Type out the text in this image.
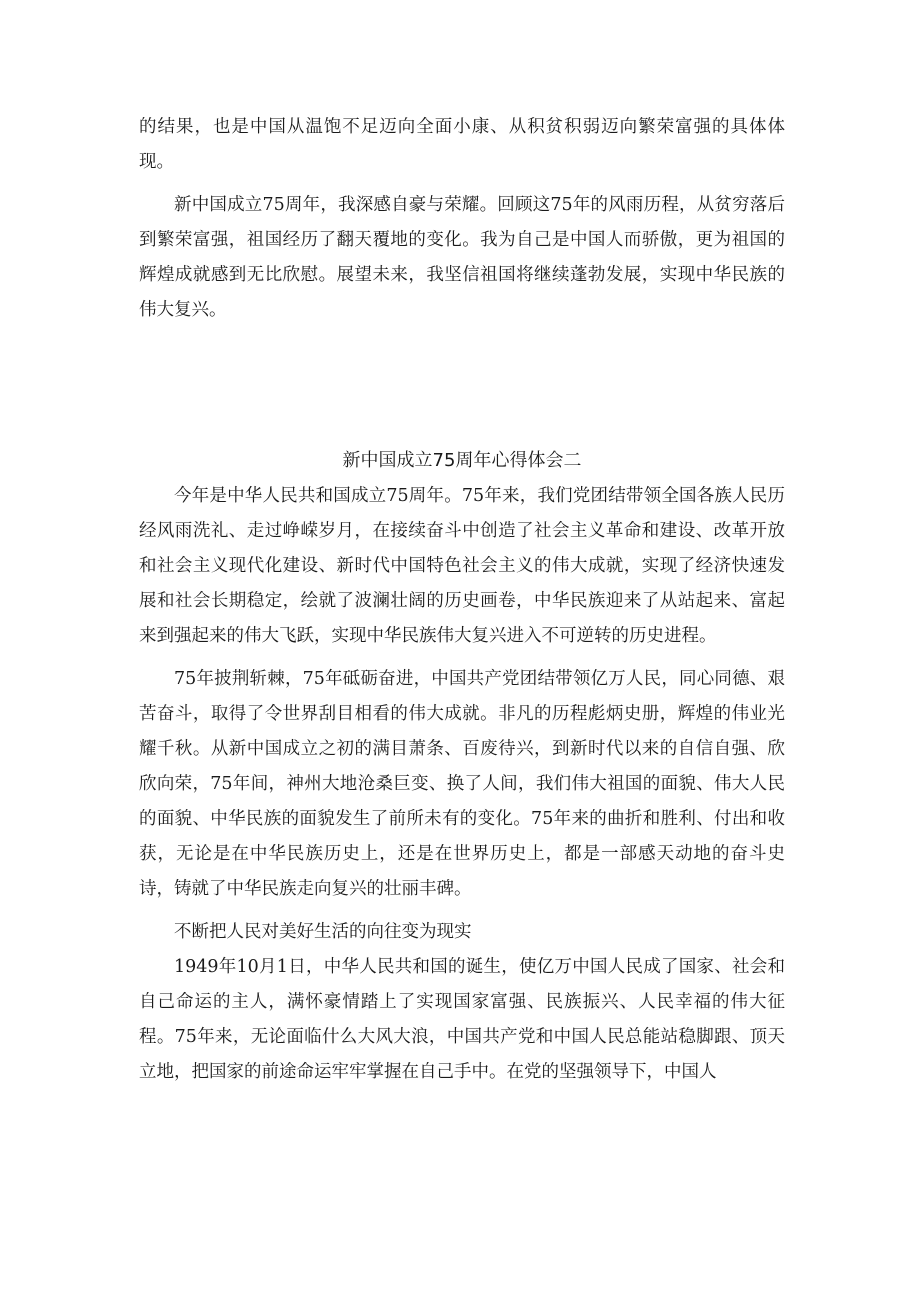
的结果，也是中国从温饱不足迈向全面小康、从积贫积弱迈向繁荣富强的具体体现。

新中国成立75周年，我深感自豪与荣耀。回顾这75年的风雨历程，从贫穷落后到繁荣富强，祖国经历了翻天覆地的变化。我为自己是中国人而骄傲，更为祖国的辉煌成就感到无比欣慰。展望未来，我坚信祖国将继续蓬勃发展，实现中华民族的伟大复兴。

新中国成立75周年心得体会二

今年是中华人民共和国成立75周年。75年来，我们党团结带领全国各族人民历经风雨洗礼、走过峥嵘岁月，在接续奋斗中创造了社会主义革命和建设、改革开放和社会主义现代化建设、新时代中国特色社会主义的伟大成就，实现了经济快速发展和社会长期稳定，绘就了波澜壮阔的历史画卷，中华民族迎来了从站起来、富起来到强起来的伟大飞跃，实现中华民族伟大复兴进入不可逆转的历史进程。

75年披荆斩棘，75年砥砺奋进，中国共产党团结带领亿万人民，同心同德、艰苦奋斗，取得了令世界刮目相看的伟大成就。非凡的历程彪炳史册，辉煌的伟业光耀千秋。从新中国成立之初的满目萧条、百废待兴，到新时代以来的自信自强、欣欣向荣，75年间，神州大地沧桑巨变、换了人间，我们伟大祖国的面貌、伟大人民的面貌、中华民族的面貌发生了前所未有的变化。75年来的曲折和胜利、付出和收获，无论是在中华民族历史上，还是在世界历史上，都是一部感天动地的奋斗史诗，铸就了中华民族走向复兴的壮丽丰碑。

不断把人民对美好生活的向往变为现实

1949年10月1日，中华人民共和国的诞生，使亿万中国人民成了国家、社会和自己命运的主人，满怀豪情踏上了实现国家富强、民族振兴、人民幸福的伟大征程。75年来，无论面临什么大风大浪，中国共产党和中国人民总能站稳脚跟、顶天立地，把国家的前途命运牢牢掌握在自己手中。在党的坚强领导下，中国人
